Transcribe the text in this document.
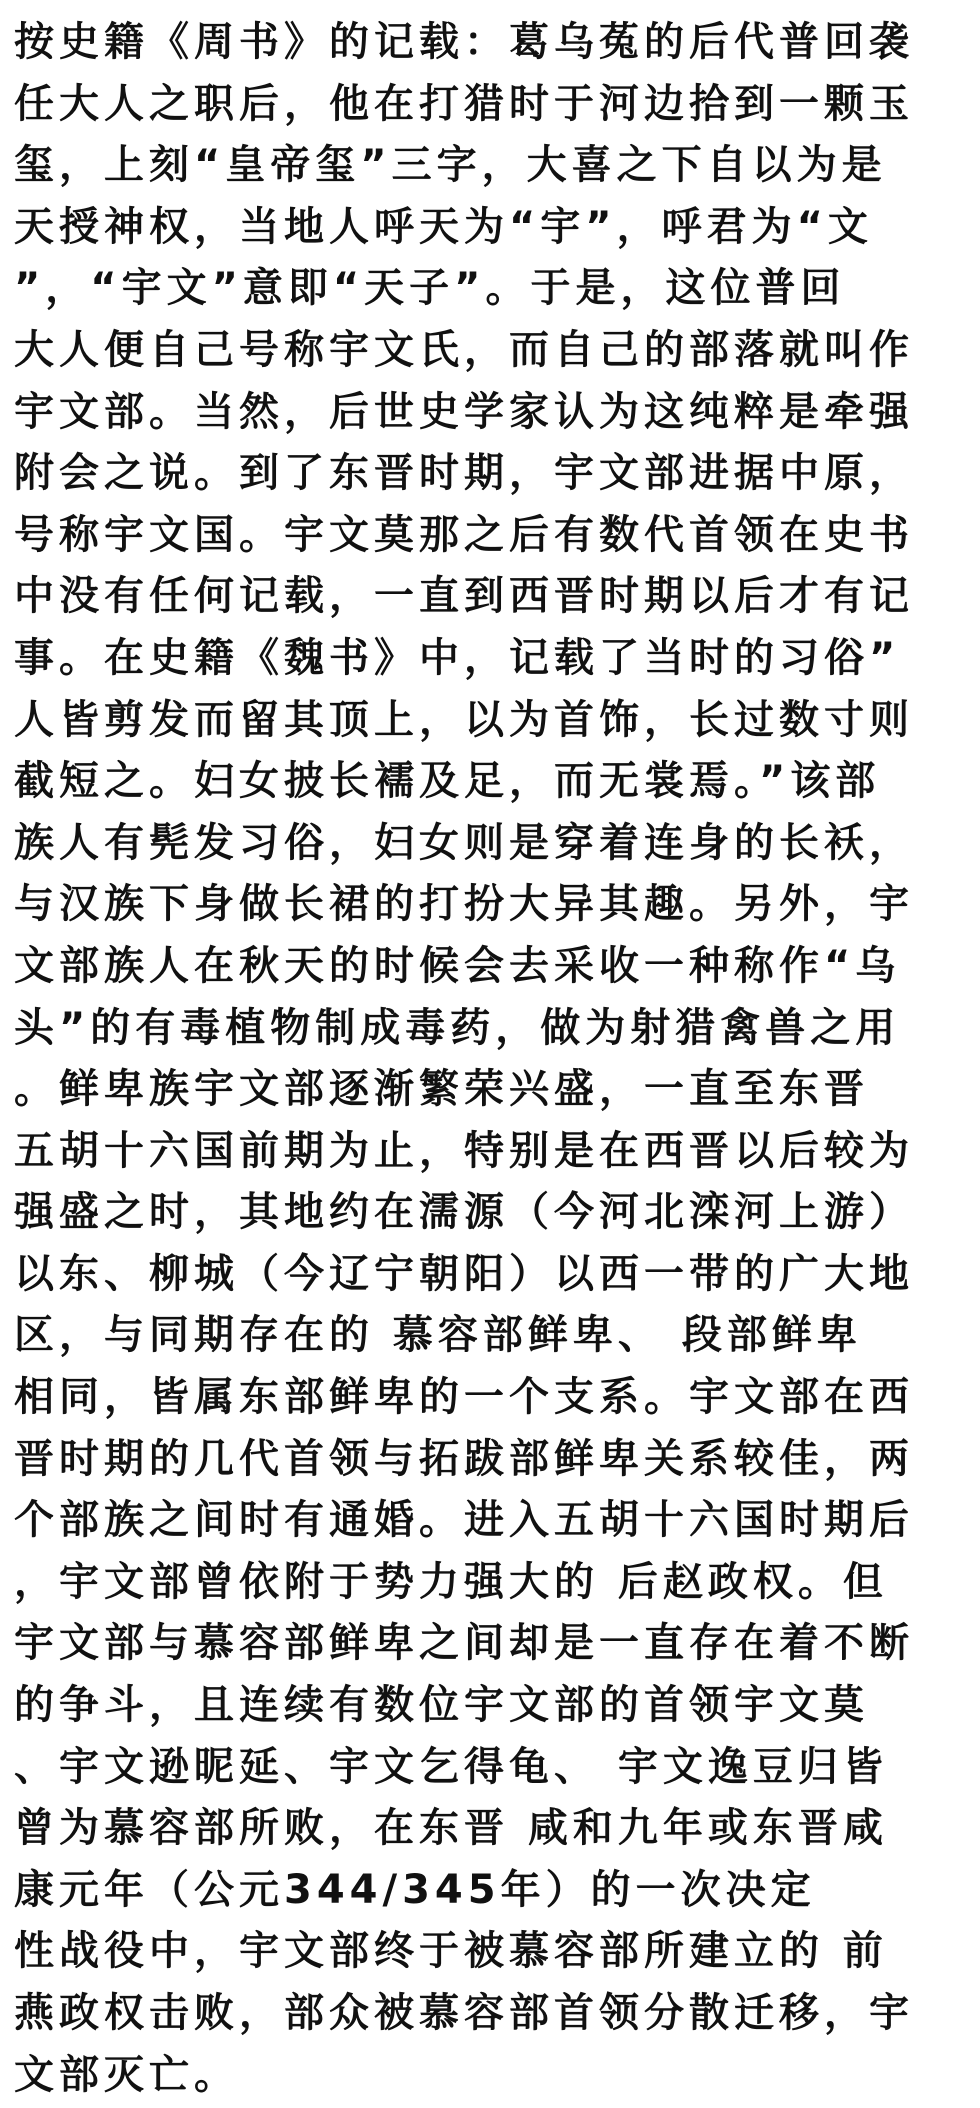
按史籍《周书》的记载：葛乌菟的后代普回袭
任大人之职后，他在打猎时于河边拾到一颗玉
玺，上刻“皇帝玺”三字，大喜之下自以为是
天授神权，当地人呼天为“宇”，呼君为“文
”，“宇文”意即“天子”。于是，这位普回
大人便自己号称宇文氏，而自己的部落就叫作
宇文部。当然，后世史学家认为这纯粹是牵强
附会之说。到了东晋时期，宇文部进据中原，
号称宇文国。宇文莫那之后有数代首领在史书
中没有任何记载，一直到西晋时期以后才有记
事。在史籍《魏书》中，记载了当时的习俗”
人皆剪发而留其顶上，以为首饰，长过数寸则
截短之。妇女披长襦及足，而无裳焉。”该部
族人有髡发习俗，妇女则是穿着连身的长袄，
与汉族下身做长裙的打扮大异其趣。另外，宇
文部族人在秋天的时候会去采收一种称作“乌
头”的有毒植物制成毒药，做为射猎禽兽之用
。鲜卑族宇文部逐渐繁荣兴盛，一直至东晋
五胡十六国前期为止，特别是在西晋以后较为
强盛之时，其地约在濡源（今河北滦河上游）
以东、柳城（今辽宁朝阳）以西一带的广大地
区，与同期存在的 慕容部鲜卑、 段部鲜卑
相同，皆属东部鲜卑的一个支系。宇文部在西
晋时期的几代首领与拓跋部鲜卑关系较佳，两
个部族之间时有通婚。进入五胡十六国时期后
，宇文部曾依附于势力强大的 后赵政权。但
宇文部与慕容部鲜卑之间却是一直存在着不断
的争斗，且连续有数位宇文部的首领宇文莫
、宇文逊昵延、宇文乞得龟、 宇文逸豆归皆
曾为慕容部所败，在东晋 咸和九年或东晋咸
康元年（公元344/345年）的一次决定
性战役中，宇文部终于被慕容部所建立的 前
燕政权击败，部众被慕容部首领分散迁移，宇
文部灭亡。
